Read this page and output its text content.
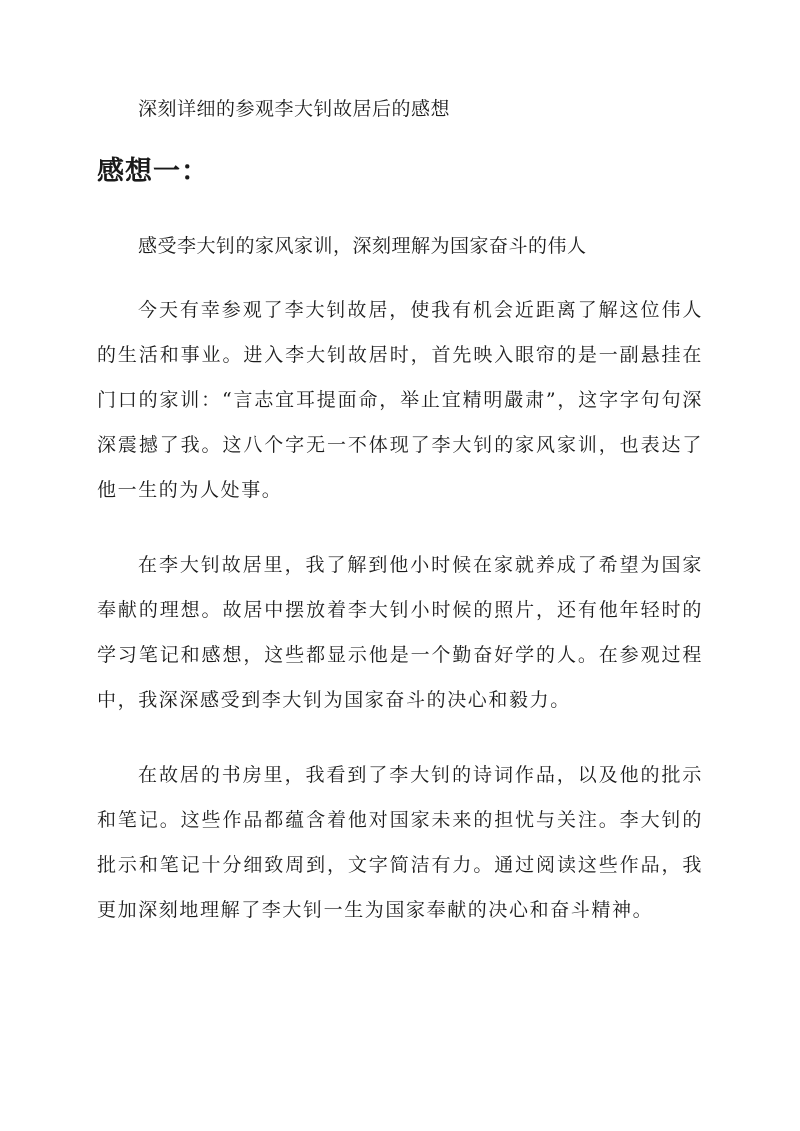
深刻详细的参观李大钊故居后的感想
感想一：
感受李大钊的家风家训，深刻理解为国家奋斗的伟人

今天有幸参观了李大钊故居，使我有机会近距离了解这位伟人的生活和事业。进入李大钊故居时，首先映入眼帘的是一副悬挂在门口的家训：“言志宜耳提面命，举止宜精明嚴肃”，这字字句句深深震撼了我。这八个字无一不体现了李大钊的家风家训，也表达了他一生的为人处事。

在李大钊故居里，我了解到他小时候在家就养成了希望为国家奉献的理想。故居中摆放着李大钊小时候的照片，还有他年轻时的学习笔记和感想，这些都显示他是一个勤奋好学的人。在参观过程中，我深深感受到李大钊为国家奋斗的决心和毅力。

在故居的书房里，我看到了李大钊的诗词作品，以及他的批示和笔记。这些作品都蕴含着他对国家未来的担忧与关注。李大钊的批示和笔记十分细致周到，文字简洁有力。通过阅读这些作品，我更加深刻地理解了李大钊一生为国家奉献的决心和奋斗精神。
